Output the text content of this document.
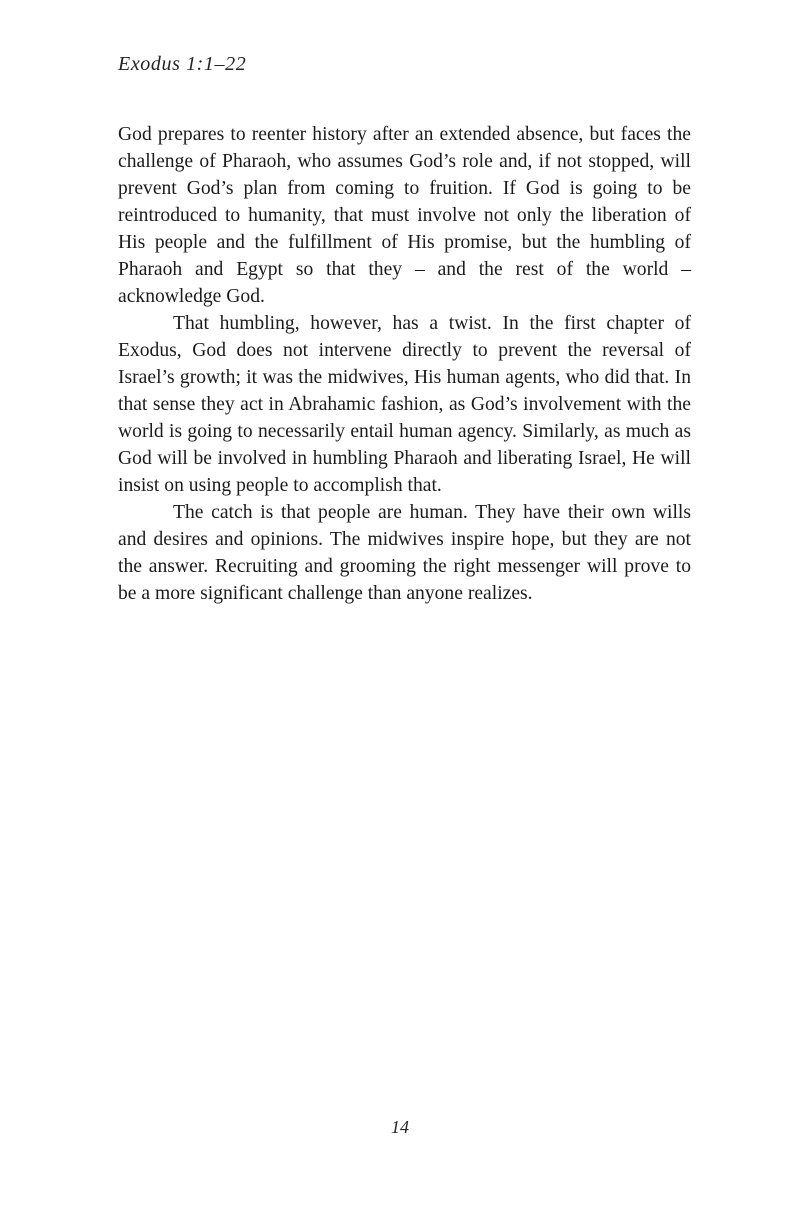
Exodus 1:1–22

God prepares to reenter history after an extended absence, but faces the challenge of Pharaoh, who assumes God’s role and, if not stopped, will prevent God’s plan from coming to fruition. If God is going to be reintroduced to humanity, that must involve not only the liberation of His people and the fulfillment of His promise, but the humbling of Pharaoh and Egypt so that they – and the rest of the world – acknowledge God.

That humbling, however, has a twist. In the first chapter of Exodus, God does not intervene directly to prevent the reversal of Israel’s growth; it was the midwives, His human agents, who did that. In that sense they act in Abrahamic fashion, as God’s involvement with the world is going to necessarily entail human agency. Similarly, as much as God will be involved in humbling Pharaoh and liberating Israel, He will insist on using people to accomplish that.

The catch is that people are human. They have their own wills and desires and opinions. The midwives inspire hope, but they are not the answer. Recruiting and grooming the right messenger will prove to be a more significant challenge than anyone realizes.

14
